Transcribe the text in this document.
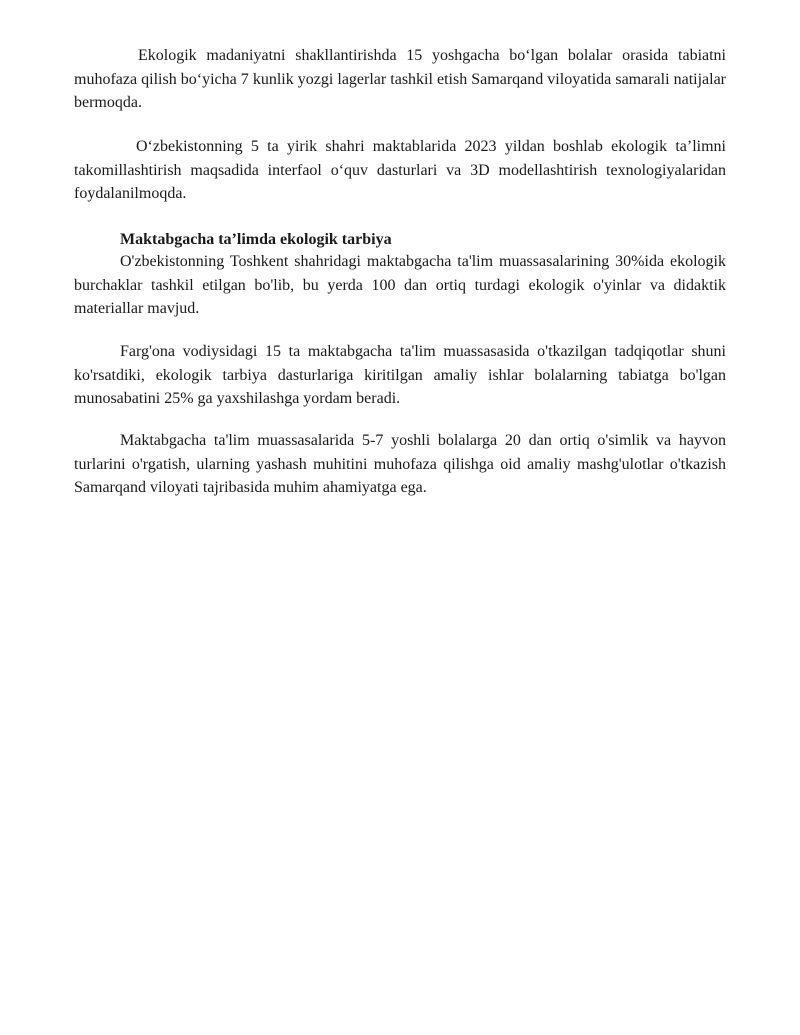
Ekologik madaniyatni shakllantirishda 15 yoshgacha bo‘lgan bolalar orasida tabiatni muhofaza qilish bo‘yicha 7 kunlik yozgi lagerlar tashkil etish Samarqand viloyatida samarali natijalar bermoqda.

O‘zbekistonning 5 ta yirik shahri maktablarida 2023 yildan boshlab ekologik ta’limni takomillashtirish maqsadida interfaol o‘quv dasturlari va 3D modellashtirish texnologiyalaridan foydalanilmoqda.

Maktabgacha ta’limda ekologik tarbiya

O'zbekistonning Toshkent shahridagi maktabgacha ta'lim muassasalarining 30%ida ekologik burchaklar tashkil etilgan bo'lib, bu yerda 100 dan ortiq turdagi ekologik o'yinlar va didaktik materiallar mavjud.

Farg'ona vodiysidagi 15 ta maktabgacha ta'lim muassasasida o'tkazilgan tadqiqotlar shuni ko'rsatdiki, ekologik tarbiya dasturlariga kiritilgan amaliy ishlar bolalarning tabiatga bo'lgan munosabatini 25% ga yaxshilashga yordam beradi.

Maktabgacha ta'lim muassasalarida 5-7 yoshli bolalarga 20 dan ortiq o'simlik va hayvon turlarini o'rgatish, ularning yashash muhitini muhofaza qilishga oid amaliy mashg'ulotlar o'tkazish Samarqand viloyati tajribasida muhim ahamiyatga ega.
